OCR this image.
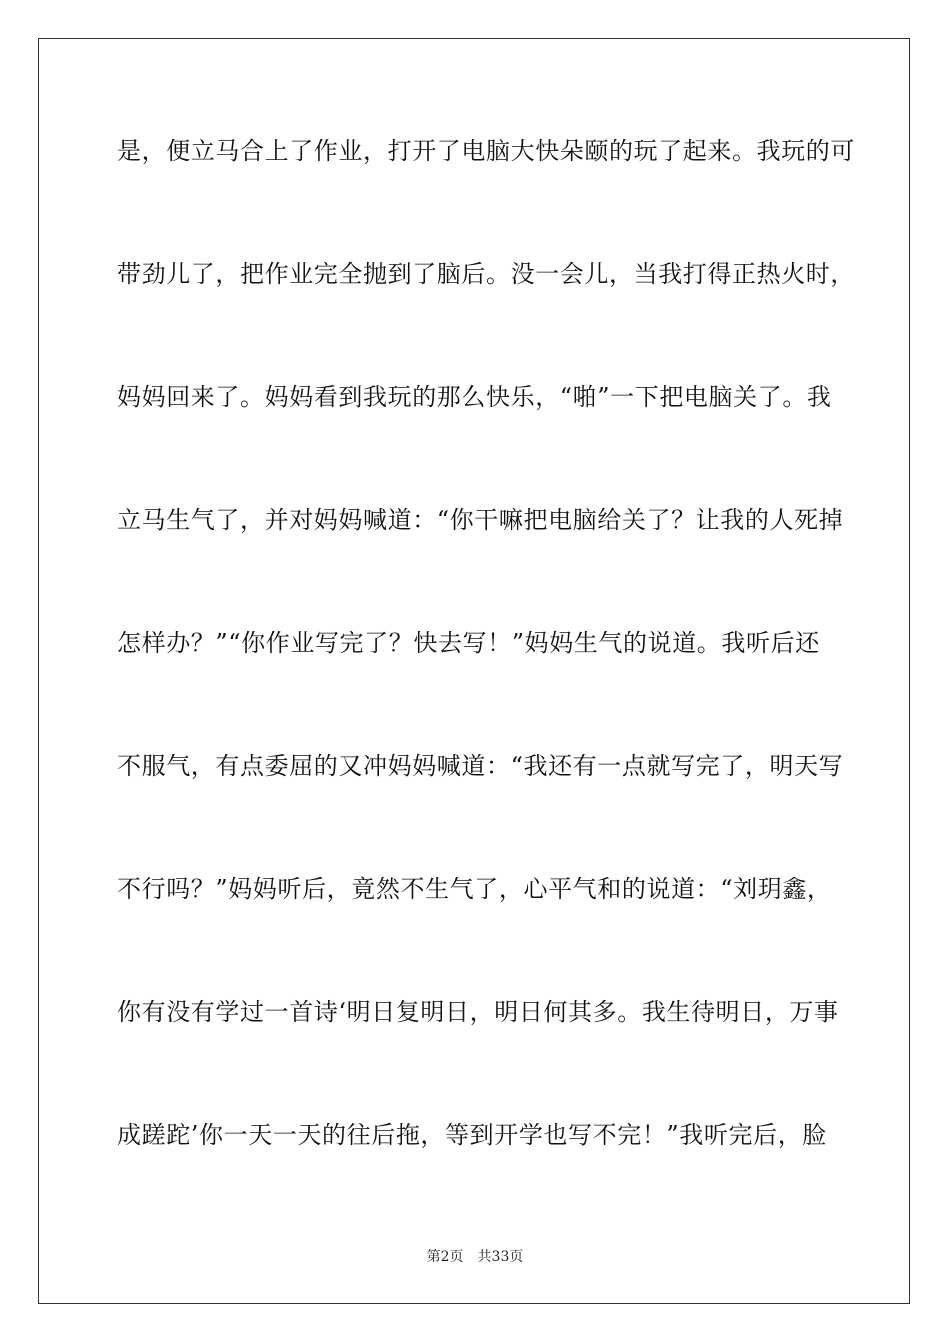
是，便立马合上了作业，打开了电脑大快朵颐的玩了起来。我玩的可
带劲儿了，把作业完全抛到了脑后。没一会儿，当我打得正热火时，
妈妈回来了。妈妈看到我玩的那么快乐，“啪”一下把电脑关了。我
立马生气了，并对妈妈喊道：“你干嘛把电脑给关了？让我的人死掉
怎样办？”“你作业写完了？快去写！”妈妈生气的说道。我听后还
不服气，有点委屈的又冲妈妈喊道：“我还有一点就写完了，明天写
不行吗？”妈妈听后，竟然不生气了，心平气和的说道：“刘玥鑫，
你有没有学过一首诗‘明日复明日，明日何其多。我生待明日，万事
成蹉跎’你一天一天的往后拖，等到开学也写不完！”我听完后，脸
第2页　共33页
